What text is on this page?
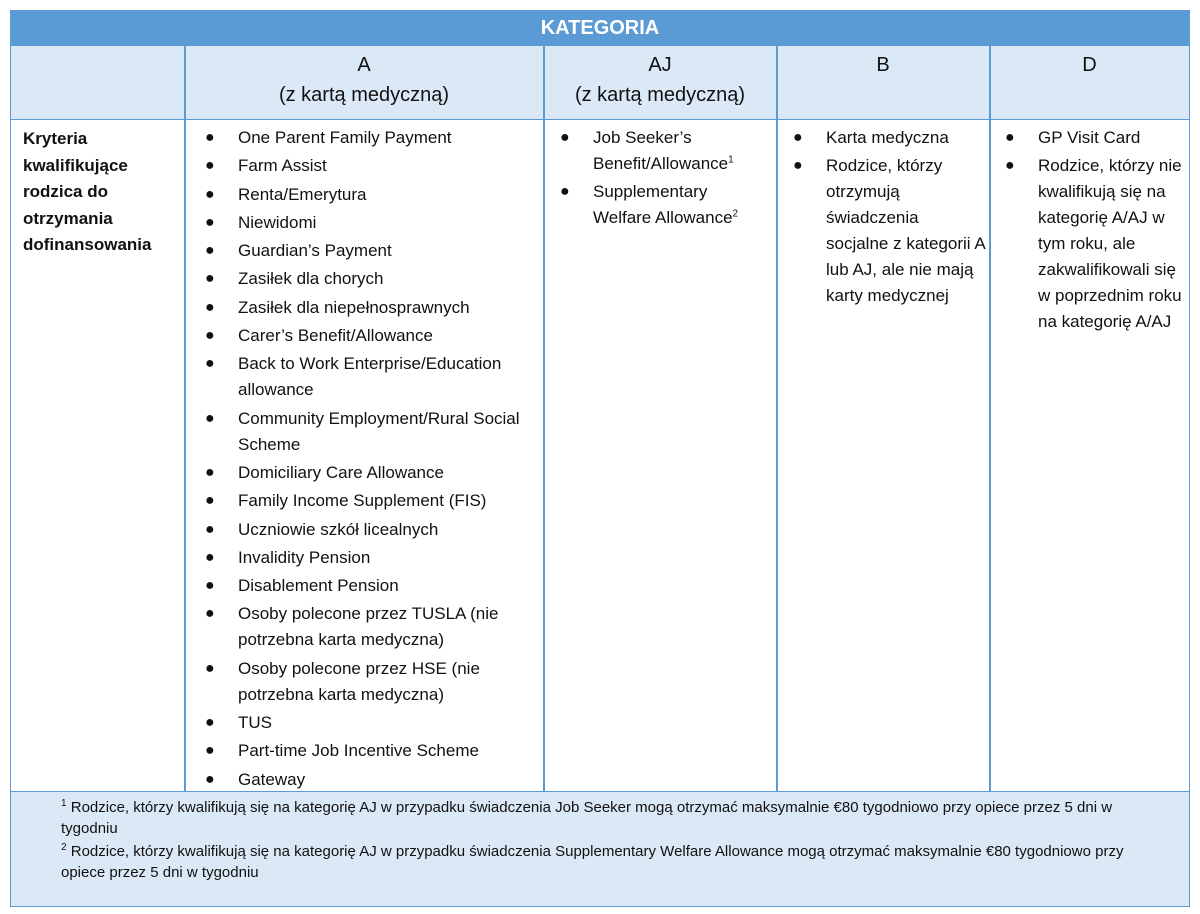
KATEGORIA
A
(z kartą medyczną)
AJ
(z kartą medyczną)
B	D
Kryteria
kwalifikujące
rodzica do
otrzymania
dofinansowania
● One Parent Family Payment
● Farm Assist
● Renta/Emerytura
● Niewidomi
● Guardian’s Payment
● Zasiłek dla chorych
● Zasiłek dla niepełnosprawnych
● Carer’s Benefit/Allowance
● Back to Work Enterprise/Education allowance
● Community Employment/Rural Social Scheme
● Domiciliary Care Allowance
● Family Income Supplement (FIS)
● Uczniowie szkół licealnych
● Invalidity Pension
● Disablement Pension
● Osoby polecone przez TUSLA (nie potrzebna karta medyczna)
● Osoby polecone przez HSE (nie potrzebna karta medyczna)
● TUS
● Part-time Job Incentive Scheme
● Gateway
● Job Seeker’s Benefit/Allowance$^1$
● Supplementary Welfare Allowance$^2$
● Karta medyczna
● Rodzice, którzy otrzymują świadczenia socjalne z kategorii A lub AJ, ale nie mają karty medycznej
● GP Visit Card
● Rodzice, którzy nie kwalifikują się na kategorię A/AJ w tym roku, ale zakwalifikowali się w poprzednim roku na kategorię A/AJ
$^1$ Rodzice, którzy kwalifikują się na kategorię AJ w przypadku świadczenia Job Seeker mogą otrzymać maksymalnie €80 tygodniowo przy opiece przez 5 dni w tygodniu
$^2$ Rodzice, którzy kwalifikują się na kategorię AJ w przypadku świadczenia Supplementary Welfare Allowance mogą otrzymać maksymalnie €80 tygodniowo przy opiece przez 5 dni w tygodniu
